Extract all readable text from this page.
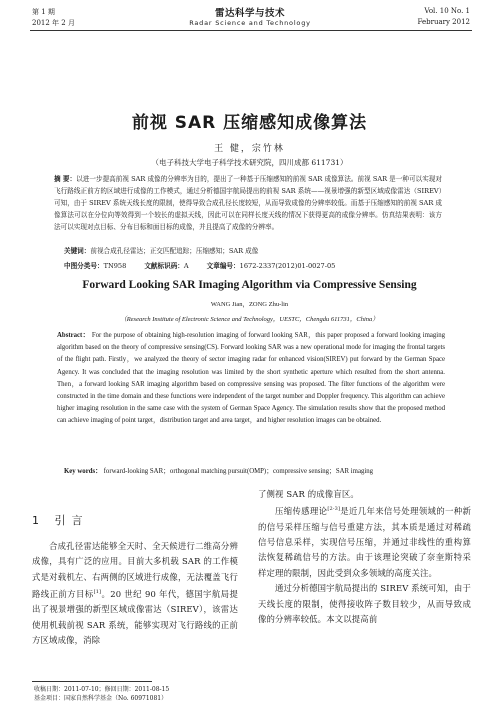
第 1 期
2012 年 2 月
雷达科学与技术
Radar Science and Technology
Vol. 10 No. 1
February 2012
前视 SAR 压缩感知成像算法
王 健，宗竹林
（电子科技大学电子科学技术研究院，四川成都 611731）
摘 要：以进一步提高前视 SAR 成像的分辨率为目的，提出了一种基于压缩感知的前视 SAR 成像算法。前视 SAR 是一种可以实现对飞行路线正前方的区域进行成像的工作模式，通过分析德国宇航局提出的前视 SAR 系统——视景增强的新型区域成像雷达（SIREV）可知，由于 SIREV 系统天线长度的限制，使得导致合成孔径长度较短，从而导致成像的分辨率较低。而基于压缩感知的前视 SAR 成像算法可以在分位向等效得到一个较长的虚拟天线，因此可以在同样长度天线的情况下获得更高的成像分辨率。仿真结果表明：该方法可以实现对点目标、分布目标和面目标的成像，并且提高了成像的分辨率。
关键词：前视合成孔径雷达；正交匹配追踪；压缩感知；SAR 成像
中图分类号：TN958	文献标识码：A	文章编号：1672-2337(2012)01-0027-05
Forward Looking SAR Imaging Algorithm via Compressive Sensing
WANG Jian，ZONG Zhu-lin
（Research Institute of Electronic Science and Technology，UESTC，Chengdu 611731，China）
Abstract： For the purpose of obtaining high-resolution imaging of forward looking SAR，this paper proposed a forward looking imaging algorithm based on the theory of compressive sensing(CS). Forward looking SAR was a new operational mode for imaging the frontal targets of the flight path. Firstly，we analyzed the theory of sector imaging radar for enhanced vision(SIREV) put forward by the German Space Agency. It was concluded that the imaging resolution was limited by the short synthetic aperture which resulted from the short antenna. Then，a forward looking SAR imaging algorithm based on compressive sensing was proposed. The filter functions of the algorithm were constructed in the time domain and these functions were independent of the target number and Doppler frequency. This algorithm can achieve higher imaging resolution in the same case with the system of German Space Agency. The simulation results show that the proposed method can achieve imaging of point target，distribution target and area target，and higher resolution images can be obtained.
Key words： forward-looking SAR；orthogonal matching pursuit(OMP)；compressive sensing；SAR imaging
1 引言
合成孔径雷达能够全天时、全天候进行二维高分辨成像，具有广泛的应用。目前大多机载 SAR 的工作模式是对载机左、右两侧的区域进行成像，无法覆盖飞行路线正前方目标[1]。20 世纪 90 年代，德国宇航局提出了视景增强的新型区域成像雷达（SIREV），该雷达使用机载前视 SAR 系统，能够实现对飞行路线的正前方区域成像，消除
了侧视 SAR 的成像盲区。
压缩传感理论[2-3]是近几年来信号处理领域的一种新的信号采样压缩与信号重建方法，其本质是通过对稀疏信号信息采样，实现信号压缩，并通过非线性的重构算法恢复稀疏信号的方法。由于该理论突破了奈奎斯特采样定理的限制，因此受到众多领域的高度关注。
通过分析德国宇航局提出的 SIREV 系统可知，由于天线长度的限制，使得接收阵子数目较少，从而导致成像的分辨率较低。本文以提高前
收稿日期：2011-07-10；修回日期：2011-08-15
基金项目：国家自然科学基金（No. 60971081）
